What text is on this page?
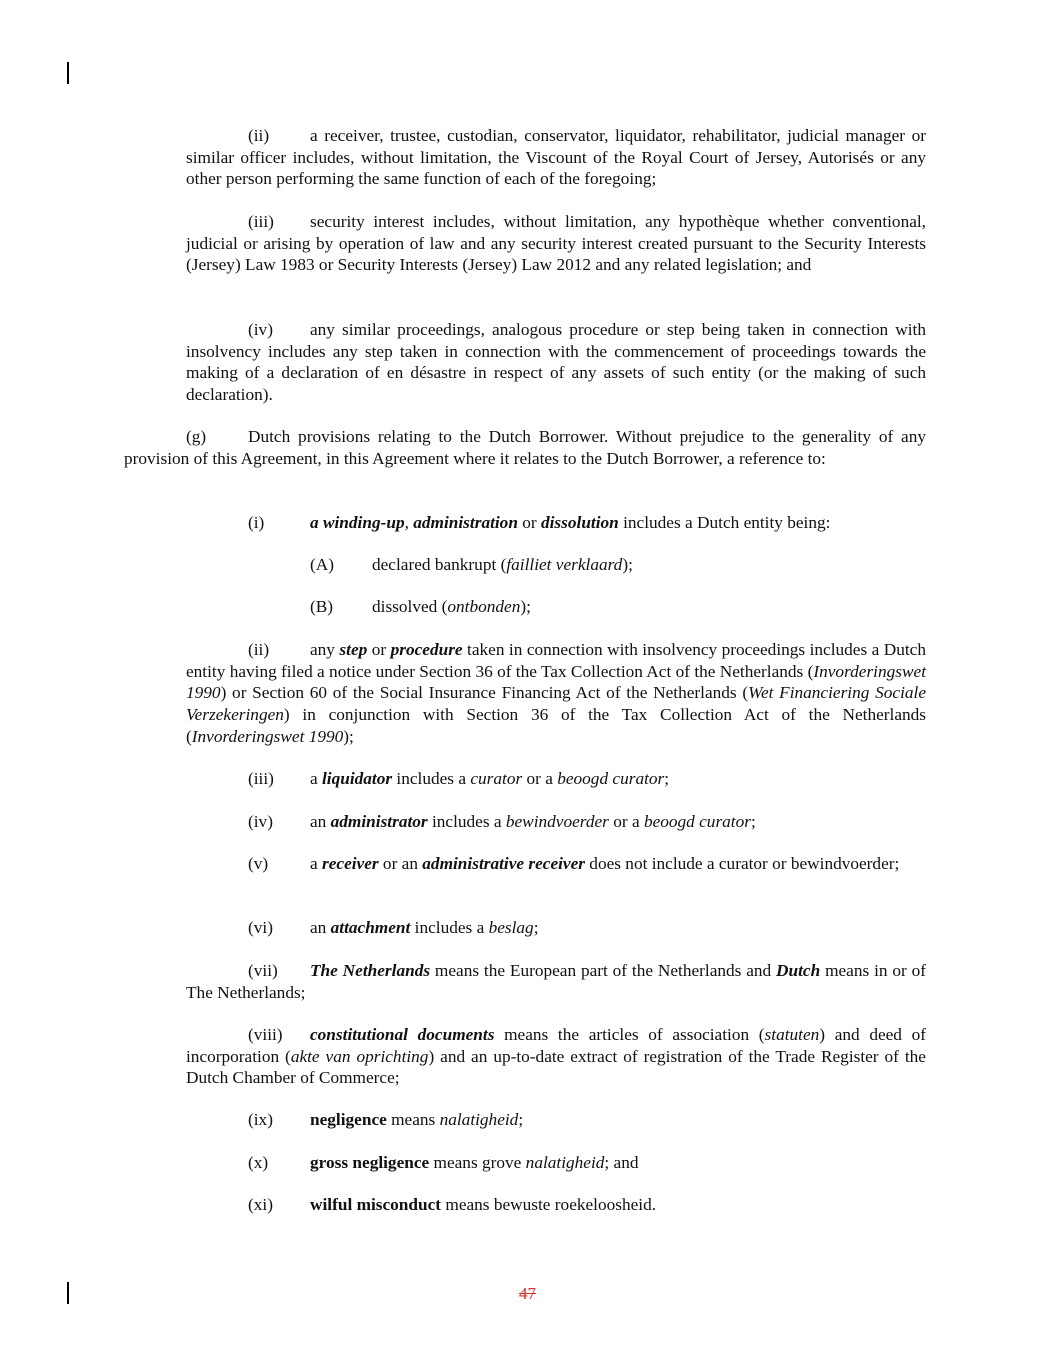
(ii) a receiver, trustee, custodian, conservator, liquidator, rehabilitator, judicial manager or similar officer includes, without limitation, the Viscount of the Royal Court of Jersey, Autorisés or any other person performing the same function of each of the foregoing;

(iii) security interest includes, without limitation, any hypothèque whether conventional, judicial or arising by operation of law and any security interest created pursuant to the Security Interests (Jersey) Law 1983 or Security Interests (Jersey) Law 2012 and any related legislation; and

(iv) any similar proceedings, analogous procedure or step being taken in connection with insolvency includes any step taken in connection with the commencement of proceedings towards the making of a declaration of en désastre in respect of any assets of such entity (or the making of such declaration).

(g) Dutch provisions relating to the Dutch Borrower. Without prejudice to the generality of any provision of this Agreement, in this Agreement where it relates to the Dutch Borrower, a reference to:

(i)	a winding-up, administration or dissolution includes a Dutch entity being:

(A) declared bankrupt (failliet verklaard);

(B) dissolved (ontbonden);

(ii) any step or procedure taken in connection with insolvency proceedings includes a Dutch entity having filed a notice under Section 36 of the Tax Collection Act of the Netherlands (Invorderingswet 1990) or Section 60 of the Social Insurance Financing Act of the Netherlands (Wet Financiering Sociale Verzekeringen) in conjunction with Section 36 of the Tax Collection Act of the Netherlands (Invorderingswet 1990);

(iii) a liquidator includes a curator or a beoogd curator;

(iv) an administrator includes a bewindvoerder or a beoogd curator;

(v) a receiver or an administrative receiver does not include a curator or bewindvoerder;

(vi) an attachment includes a beslag;

(vii) The Netherlands means the European part of the Netherlands and Dutch means in or of The Netherlands;

(viii) constitutional documents means the articles of association (statuten) and deed of incorporation (akte van oprichting) and an up-to-date extract of registration of the Trade Register of the Dutch Chamber of Commerce;

(ix) negligence means nalatigheid;

(x) gross negligence means grove nalatigheid; and

(xi) wilful misconduct means bewuste roekeloosheid.

47
